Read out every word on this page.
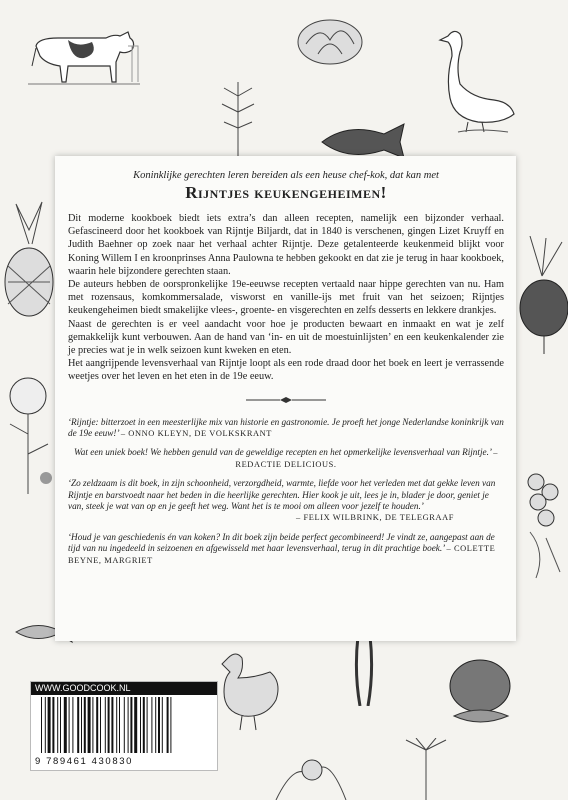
Koninklijke gerechten leren bereiden als een heuse chef-kok, dat kan met

Rijntjes keukengeheimen!

Dit moderne kookboek biedt iets extra’s dan alleen recepten, namelijk een bijzonder verhaal. Gefascineerd door het kookboek van Rijntje Biljardt, dat in 1840 is verschenen, gingen Lizet Kruyff en Judith Baehner op zoek naar het verhaal achter Rijntje. Deze getalenteerde keukenmeid blijkt voor Koning Willem I en kroonprinses Anna Paulowna te hebben gekookt en dat zie je terug in haar kookboek, waarin hele bijzondere gerechten staan.

De auteurs hebben de oorspronkelijke 19e-eeuwse recepten vertaald naar hippe gerechten van nu. Ham met rozensaus, komkommersalade, visworst en vanille-ijs met fruit van het seizoen; Rijntjes keukengeheimen biedt smakelijke vlees-, groente- en visgerechten en zelfs desserts en lekkere drankjes.

Naast de gerechten is er veel aandacht voor hoe je producten bewaart en inmaakt en wat je zelf gemakkelijk kunt verbouwen. Aan de hand van ‘in- en uit de moestuinlijsten’ en een keukenkalender zie je precies wat je in welk seizoen kunt kweken en eten.

Het aangrijpende levensverhaal van Rijntje loopt als een rode draad door het boek en leert je verrassende weetjes over het leven en het eten in de 19e eeuw.

‘Rijntje: bitterzoet in een meesterlijke mix van historie en gastronomie. Je proeft het jonge Nederlandse koninkrijk van de 19e eeuw!’ – ONNO KLEYN, DE VOLKSKRANT

Wat een uniek boek! We hebben genuld van de geweldige recepten en het opmerkelijke levensverhaal van Rijntje.’ – REDACTIE DELICIOUS.

‘Zo zeldzaam is dit boek, in zijn schoonheid, verzorgdheid, warmte, liefde voor het verleden met dat gekke leven van Rijntje en barstvoedt naar het beden in die heerlijke gerechten. Hier kook je uit, lees je in, blader je door, geniet je van, steek je wat van op en je geeft het weg. Want het is te mooi om alleen voor jezelf te houden.’
– FELIX WILBRINK, DE TELEGRAAF

‘Houd je van geschiedenis én van koken? In dit boek zijn beide perfect gecombineerd! Je vindt ze, aangepast aan de tijd van nu ingedeeld in seizoenen en afgewisseld met haar levensverhaal, terug in dit prachtige boek.’ – COLETTE BEYNE, MARGRIET

WWW.GOODCOOK.NL
9 789461 430830
